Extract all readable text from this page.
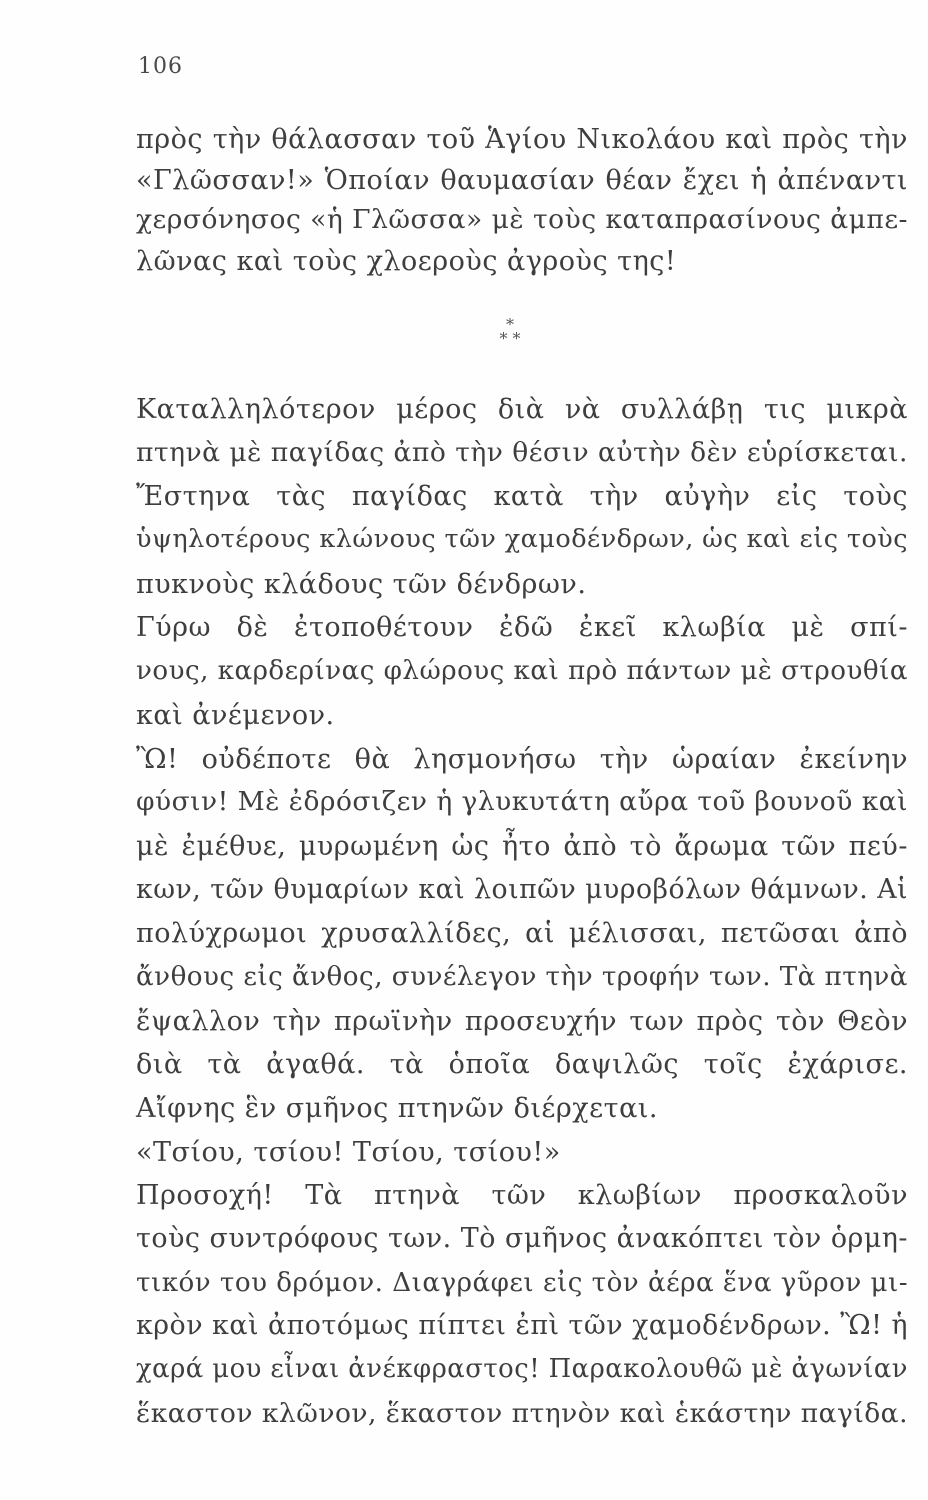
106
πρὸς τὴν θάλασσαν τοῦ Ἁγίου Νικολάου καὶ πρὸς τὴν
«Γλῶσσαν!» Ὁποίαν θαυμασίαν θέαν ἔχει ἡ ἀπέναντι
χερσόνησος «ἡ Γλῶσσα» μὲ τοὺς καταπρασίνους ἀμπε-
λῶνας καὶ τοὺς χλοεροὺς ἀγροὺς της!
*
* *
Καταλληλότερον μέρος διὰ νὰ συλλάβῃ τις μικρὰ
πτηνὰ μὲ παγίδας ἀπὸ τὴν θέσιν αὐτὴν δὲν εὑρίσκεται.
Ἔστηνα τὰς παγίδας κατὰ τὴν αὐγὴν εἰς τοὺς
ὑψηλοτέρους κλώνους τῶν χαμοδένδρων, ὡς καὶ εἰς τοὺς
πυκνοὺς κλάδους τῶν δένδρων.
Γύρω δὲ ἐτοποθέτουν ἐδῶ ἐκεῖ κλωβία μὲ σπί-
νους, καρδερίνας φλώρους καὶ πρὸ πάντων μὲ στρουθία
καὶ ἀνέμενον.
Ὢ! οὐδέποτε θὰ λησμονήσω τὴν ὡραίαν ἐκείνην
φύσιν! Μὲ ἐδρόσιζεν ἡ γλυκυτάτη αὔρα τοῦ βουνοῦ καὶ
μὲ ἐμέθυε, μυρωμένη ὡς ἦτο ἀπὸ τὸ ἄρωμα τῶν πεύ-
κων, τῶν θυμαρίων καὶ λοιπῶν μυροβόλων θάμνων. Αἱ
πολύχρωμοι χρυσαλλίδες, αἱ μέλισσαι, πετῶσαι ἀπὸ
ἄνθους εἰς ἄνθος, συνέλεγον τὴν τροφήν των. Τὰ πτηνὰ
ἔψαλλον τὴν πρωϊνὴν προσευχήν των πρὸς τὸν Θεὸν
διὰ τὰ ἀγαθά. τὰ ὁποῖα δαψιλῶς τοῖς ἐχάρισε.
Αἴφνης ἓν σμῆνος πτηνῶν διέρχεται.
«Τσίου, τσίου! Τσίου, τσίου!»
Προσοχή! Τὰ πτηνὰ τῶν κλωβίων προσκαλοῦν
τοὺς συντρόφους των. Τὸ σμῆνος ἀνακόπτει τὸν ὁρμη-
τικόν του δρόμον. Διαγράφει εἰς τὸν ἀέρα ἕνα γῦρον μι-
κρὸν καὶ ἀποτόμως πίπτει ἐπὶ τῶν χαμοδένδρων. Ὢ! ἡ
χαρά μου εἶναι ἀνέκφραστος! Παρακολουθῶ μὲ ἀγωνίαν
ἕκαστον κλῶνον, ἕκαστον πτηνὸν καὶ ἑκάστην παγίδα.
